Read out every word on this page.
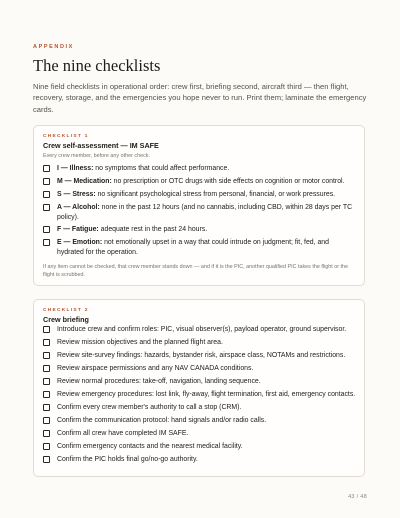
APPENDIX
The nine checklists
Nine field checklists in operational order: crew first, briefing second, aircraft third — then flight, recovery, storage, and the emergencies you hope never to run. Print them; laminate the emergency cards.
CHECKLIST 1
Crew self-assessment — IM SAFE
Every crew member, before any other check.
I — Illness: no symptoms that could affect performance.
M — Medication: no prescription or OTC drugs with side effects on cognition or motor control.
S — Stress: no significant psychological stress from personal, financial, or work pressures.
A — Alcohol: none in the past 12 hours (and no cannabis, including CBD, within 28 days per TC policy).
F — Fatigue: adequate rest in the past 24 hours.
E — Emotion: not emotionally upset in a way that could intrude on judgment; fit, fed, and hydrated for the operation.
If any item cannot be checked, that crew member stands down — and if it is the PIC, another qualified PIC takes the flight or the flight is scrubbed.
CHECKLIST 2
Crew briefing
Introduce crew and confirm roles: PIC, visual observer(s), payload operator, ground supervisor.
Review mission objectives and the planned flight area.
Review site-survey findings: hazards, bystander risk, airspace class, NOTAMs and restrictions.
Review airspace permissions and any NAV CANADA conditions.
Review normal procedures: take-off, navigation, landing sequence.
Review emergency procedures: lost link, fly-away, flight termination, first aid, emergency contacts.
Confirm every crew member's authority to call a stop (CRM).
Confirm the communication protocol: hand signals and/or radio calls.
Confirm all crew have completed IM SAFE.
Confirm emergency contacts and the nearest medical facility.
Confirm the PIC holds final go/no-go authority.
43 / 48
